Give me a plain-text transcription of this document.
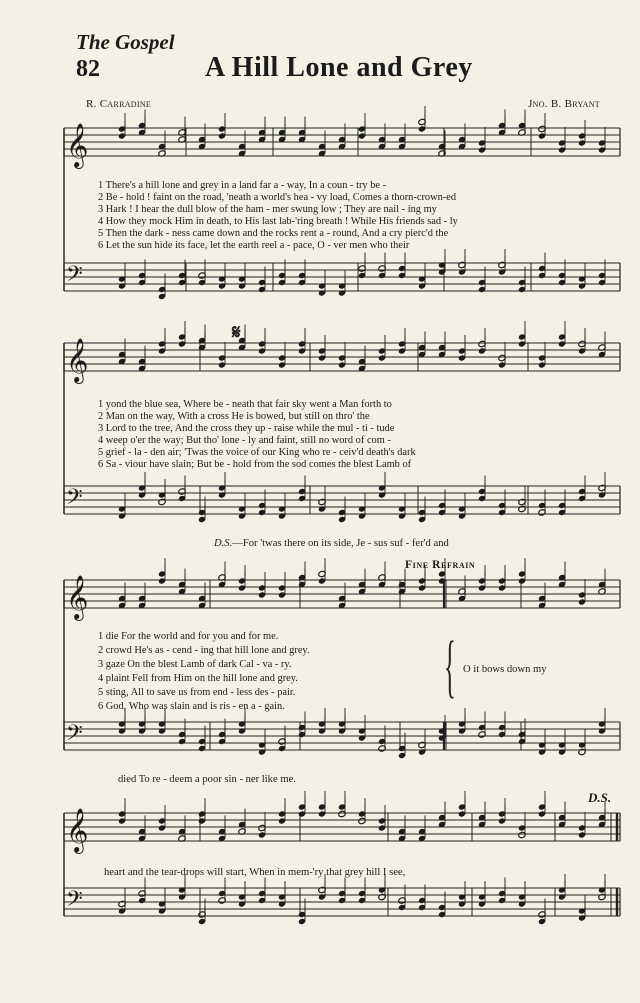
The Gospel
82	A Hill Lone and Grey
R. Carradine	Jno. B. Bryant
𝄞
𝄢
𝄞
𝄢
𝄞
𝄢
𝄞
𝄢
𝄋
1 There's a hill lone and grey in a land far a - way, In a coun - try be -
2 Be - hold ! faint on the road, 'neath a world's hea - vy load, Comes a thorn-crown-ed
3 Hark ! I hear the dull blow of the ham - mer swung low ; They are nail - ing my
4 How they mock Him in death, to His last lab-'ring breath ! While His friends sad - ly
5 Then the dark - ness came down and the rocks rent a - round, And a cry pierc'd the
6 Let the sun hide its face, let the earth reel a - pace, O - ver men who their
1 yond the blue sea, Where be - neath that fair sky went a Man forth to
2 Man on the way, With a cross He is bowed, but still on thro' the
3 Lord to the tree, And the cross they up - raise while the mul - ti - tude
4 weep o'er the way; But tho' lone - ly and faint, still no word of com -
5 grief - la - den air; 'Twas the voice of our King who re - ceiv'd death's dark
6 Sa - viour have slain; But be - hold from the sod comes the blest Lamb of
D.S.—For 'twas there on its side, Je - sus suf - fer'd and
Fine Refrain
1 die For the world and for you and for me.
2 crowd He's as - cend - ing that hill lone and grey.
3 gaze On the blest Lamb of dark Cal - va - ry.
4 plaint Fell from Him on the hill lone and grey.
5 sting, All to save us from end - less des - pair.
6 God, Who was slain and is ris - en a - gain.
{ O it bows down my
died To re - deem a poor sin - ner like me.
D.S.
heart and the tear-drops will start, When in mem-'ry that grey hill I see,
